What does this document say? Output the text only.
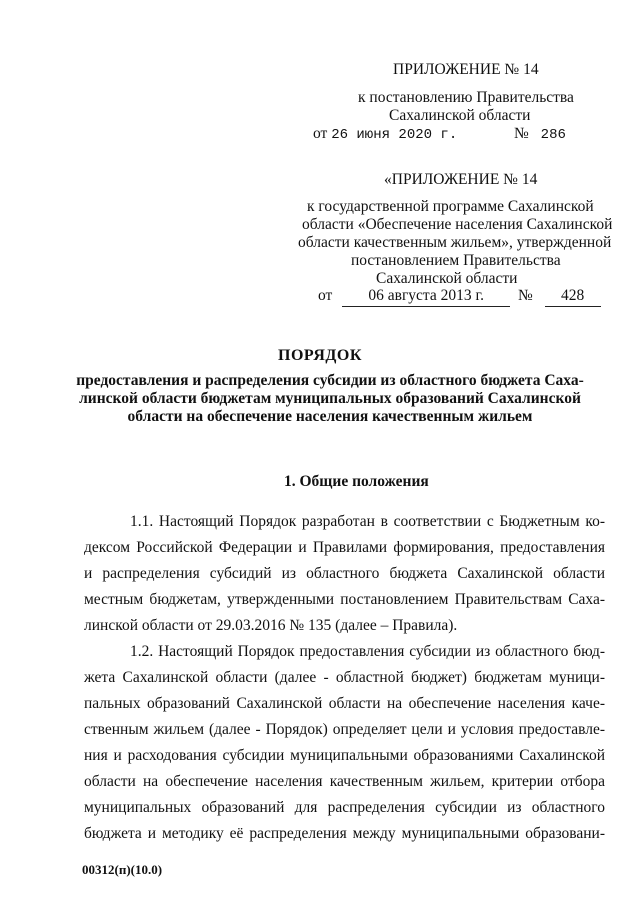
ПРИЛОЖЕНИЕ № 14
к постановлению Правительства
Сахалинской области
от 26 июня 2020 г.	№ 286
«ПРИЛОЖЕНИЕ № 14
к государственной программе Сахалинской
области «Обеспечение населения Сахалинской
области качественным жильем», утвержденной
постановлением Правительства
Сахалинской области
от 06 августа 2013 г.	№ 428
ПОРЯДОК
предоставления и распределения субсидии из областного бюджета Саха-
линской области бюджетам муниципальных образований Сахалинской
области на обеспечение населения качественным жильем
1. Общие положения
1.1. Настоящий Порядок разработан в соответствии с Бюджетным ко-
дексом Российской Федерации и Правилами формирования, предоставления
и распределения субсидий из областного бюджета Сахалинской области
местным бюджетам, утвержденными постановлением Правительствам Саха-
линской области от 29.03.2016 № 135 (далее – Правила).
1.2. Настоящий Порядок предоставления субсидии из областного бюд-
жета Сахалинской области (далее - областной бюджет) бюджетам муници-
пальных образований Сахалинской области на обеспечение населения каче-
ственным жильем (далее - Порядок) определяет цели и условия предоставле-
ния и расходования субсидии муниципальными образованиями Сахалинской
области на обеспечение населения качественным жильем, критерии отбора
муниципальных образований для распределения субсидии из областного
бюджета и методику её распределения между муниципальными образовани-
00312(п)(10.0)
